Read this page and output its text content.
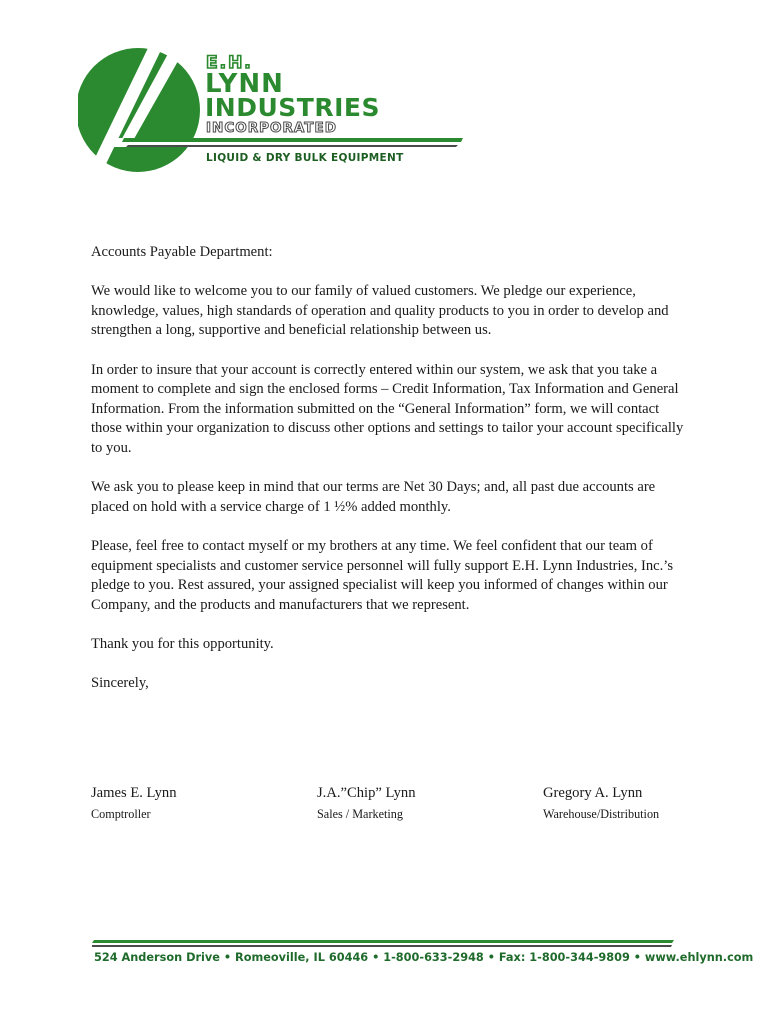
E.H.
LYNN
INDUSTRIES
INCORPORATED
LIQUID & DRY BULK EQUIPMENT

Accounts Payable Department:

We would like to welcome you to our family of valued customers. We pledge our experience, knowledge, values, high standards of operation and quality products to you in order to develop and strengthen a long, supportive and beneficial relationship between us.

In order to insure that your account is correctly entered within our system, we ask that you take a moment to complete and sign the enclosed forms – Credit Information, Tax Information and General Information. From the information submitted on the “General Information” form, we will contact those within your organization to discuss other options and settings to tailor your account specifically to you.

We ask you to please keep in mind that our terms are Net 30 Days; and, all past due accounts are placed on hold with a service charge of 1 ½% added monthly.

Please, feel free to contact myself or my brothers at any time. We feel confident that our team of equipment specialists and customer service personnel will fully support E.H. Lynn Industries, Inc.’s pledge to you. Rest assured, your assigned specialist will keep you informed of changes within our Company, and the products and manufacturers that we represent.

Thank you for this opportunity.

Sincerely,

James E. Lynn
Comptroller
J.A.”Chip” Lynn
Sales / Marketing
Gregory A. Lynn
Warehouse/Distribution
524 Anderson Drive • Romeoville, IL 60446 • 1-800-633-2948 • Fax: 1-800-344-9809 • www.ehlynn.com
